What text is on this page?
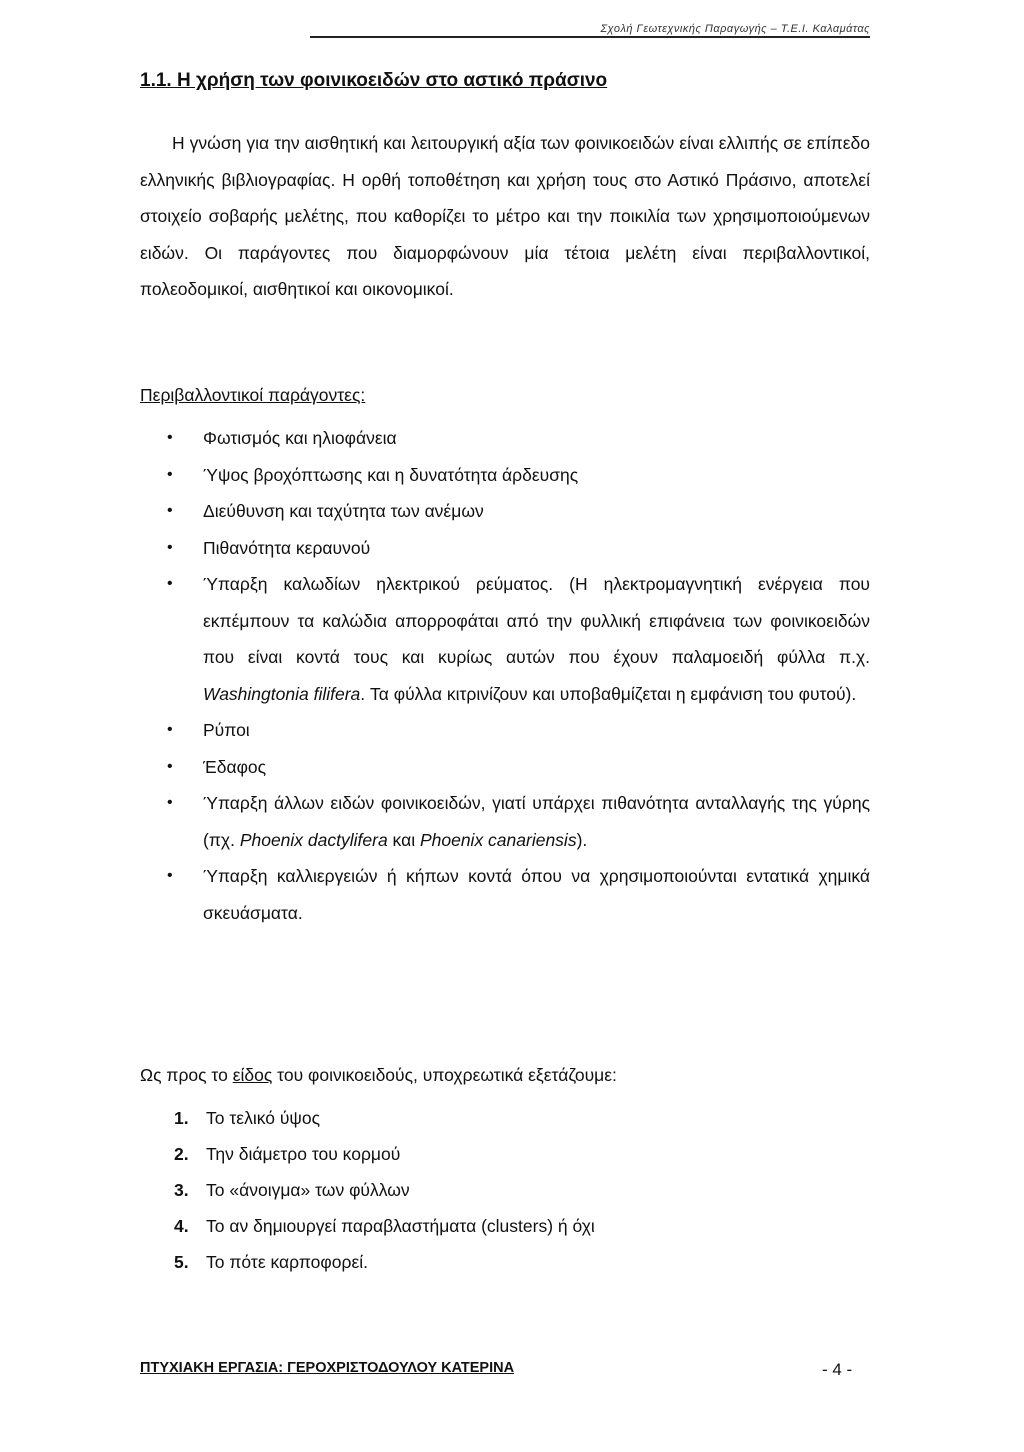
Σχολή Γεωτεχνικής Παραγωγής – Τ.Ε.Ι. Καλαμάτας
1.1. Η χρήση των φοινικοειδών στο αστικό πράσινο
Η γνώση για την αισθητική και λειτουργική αξία των φοινικοειδών είναι ελλιπής σε επίπεδο ελληνικής βιβλιογραφίας. Η ορθή τοποθέτηση και χρήση τους στο Αστικό Πράσινο, αποτελεί στοιχείο σοβαρής μελέτης, που καθορίζει το μέτρο και την ποικιλία των χρησιμοποιούμενων ειδών. Οι παράγοντες που διαμορφώνουν μία τέτοια μελέτη είναι περιβαλλοντικοί, πολεοδομικοί, αισθητικοί και οικονομικοί.
Περιβαλλοντικοί παράγοντες:
• Φωτισμός και ηλιοφάνεια
• Ύψος βροχόπτωσης και η δυνατότητα άρδευσης
• Διεύθυνση και ταχύτητα των ανέμων
• Πιθανότητα κεραυνού
• Ύπαρξη καλωδίων ηλεκτρικού ρεύματος. (Η ηλεκτρομαγνητική ενέργεια που εκπέμπουν τα καλώδια απορροφάται από την φυλλική επιφάνεια των φοινικοειδών που είναι κοντά τους και κυρίως αυτών που έχουν παλαμοειδή φύλλα π.χ. Washingtonia filifera. Τα φύλλα κιτρινίζουν και υποβαθμίζεται η εμφάνιση του φυτού).
• Ρύποι
• Έδαφος
• Ύπαρξη άλλων ειδών φοινικοειδών, γιατί υπάρχει πιθανότητα ανταλλαγής της γύρης (πχ. Phoenix dactylifera και Phoenix canariensis).
• Ύπαρξη καλλιεργειών ή κήπων κοντά όπου να χρησιμοποιούνται εντατικά χημικά σκευάσματα.
Ως προς το είδος του φοινικοειδούς, υποχρεωτικά εξετάζουμε:
1. Το τελικό ύψος
2. Την διάμετρο του κορμού
3. Το «άνοιγμα» των φύλλων
4. Το αν δημιουργεί παραβλαστήματα (clusters) ή όχι
5. Το πότε καρποφορεί.
ΠΤΥΧΙΑΚΗ ΕΡΓΑΣΙΑ: ΓΕΡΟΧΡΙΣΤΟΔΟΥΛΟΥ ΚΑΤΕΡΙΝΑ	- 4 -
